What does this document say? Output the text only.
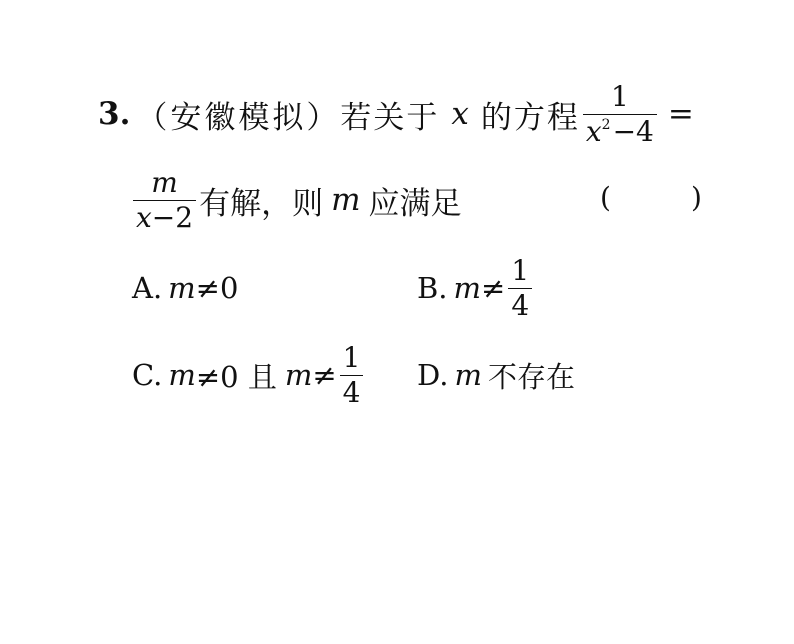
3. （安徽模拟） 若关于 x 的方程 $\frac{1}{x^2-4}$ =
$\frac{m}{x-2}$ 有解，则 m 应满足	(	)
A. m ≠0	B. $m \ne \frac{1}{4}$
C. m ≠0 且 $m \ne \frac{1}{4} D$. m 不存在
